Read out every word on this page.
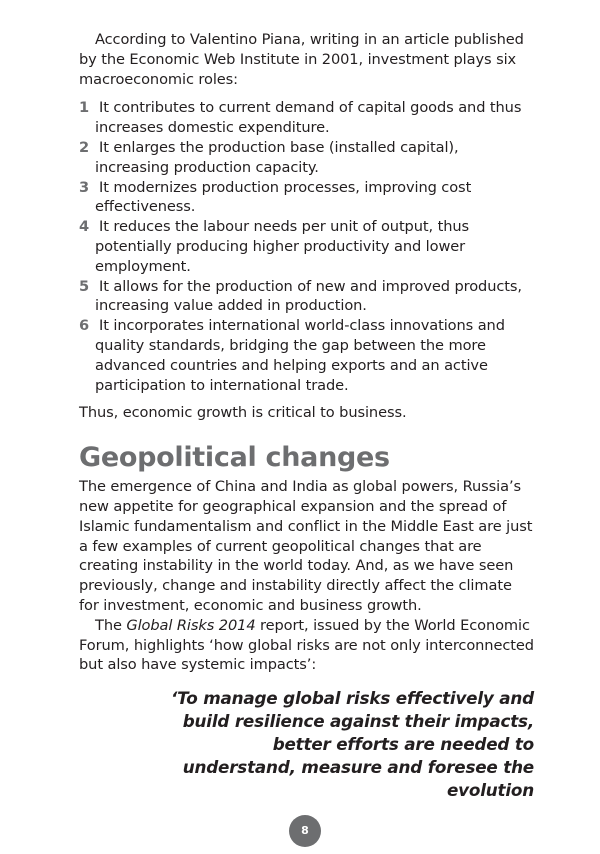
According to Valentino Piana, writing in an article published by the Economic Web Institute in 2001, investment plays six macroeconomic roles:

1 It contributes to current demand of capital goods and thus increases domestic expenditure.
2 It enlarges the production base (installed capital), increasing production capacity.
3 It modernizes production processes, improving cost effectiveness.
4 It reduces the labour needs per unit of output, thus potentially producing higher productivity and lower employment.
5 It allows for the production of new and improved products, increasing value added in production.
6 It incorporates international world-class innovations and quality standards, bridging the gap between the more advanced countries and helping exports and an active participation to international trade.

Thus, economic growth is critical to business.

Geopolitical changes

The emergence of China and India as global powers, Russia’s new appetite for geographical expansion and the spread of Islamic fundamentalism and conflict in the Middle East are just a few examples of current geopolitical changes that are creating instability in the world today. And, as we have seen previously, change and instability directly affect the climate for investment, economic and business growth.

The Global Risks 2014 report, issued by the World Economic Forum, highlights ‘how global risks are not only interconnected but also have systemic impacts’:

‘To manage global risks effectively and build resilience against their impacts, better efforts are needed to understand, measure and foresee the evolution
8
